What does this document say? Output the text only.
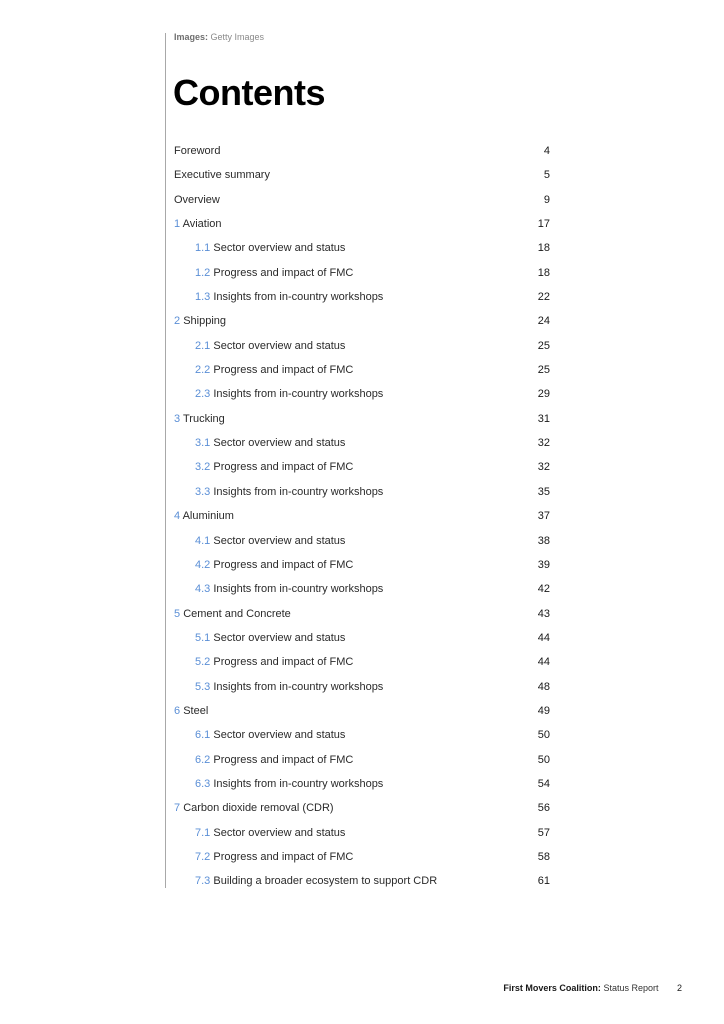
Images: Getty Images
Contents
Foreword	4
Executive summary	5
Overview	9
1 Aviation	17
1.1 Sector overview and status	18
1.2 Progress and impact of FMC	18
1.3 Insights from in-country workshops	22
2 Shipping	24
2.1 Sector overview and status	25
2.2 Progress and impact of FMC	25
2.3 Insights from in-country workshops	29
3 Trucking	31
3.1 Sector overview and status	32
3.2 Progress and impact of FMC	32
3.3 Insights from in-country workshops	35
4 Aluminium	37
4.1 Sector overview and status	38
4.2 Progress and impact of FMC	39
4.3 Insights from in-country workshops	42
5 Cement and Concrete	43
5.1 Sector overview and status	44
5.2 Progress and impact of FMC	44
5.3 Insights from in-country workshops	48
6 Steel	49
6.1 Sector overview and status	50
6.2 Progress and impact of FMC	50
6.3 Insights from in-country workshops	54
7 Carbon dioxide removal (CDR)	56
7.1 Sector overview and status	57
7.2 Progress and impact of FMC	58
7.3 Building a broader ecosystem to support CDR	61
First Movers Coalition: Status Report 2
